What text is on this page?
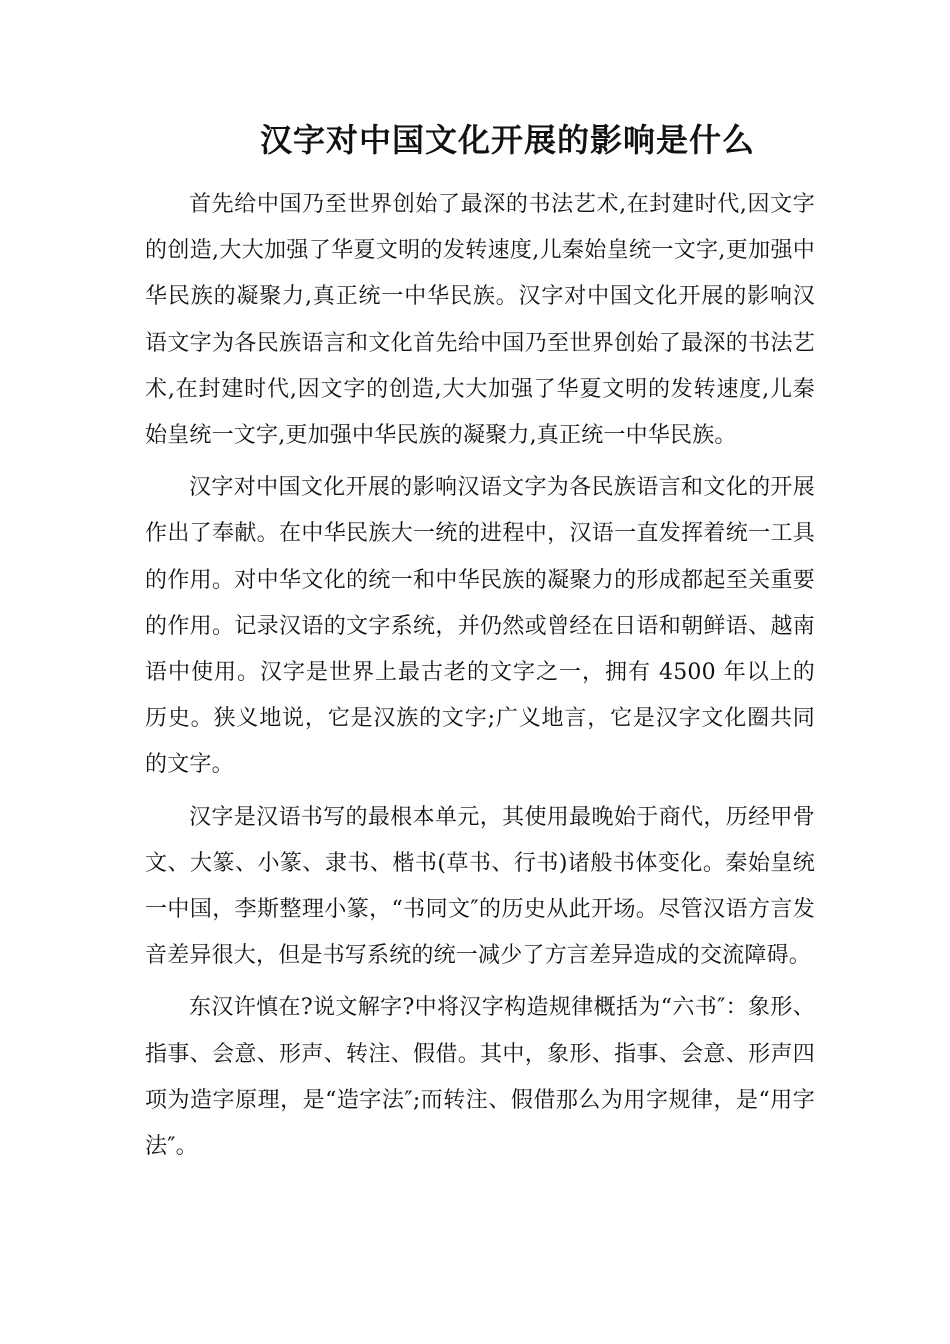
汉字对中国文化开展的影响是什么

首先给中国乃至世界创始了最深的书法艺术,在封建时代,因文字的创造,大大加强了华夏文明的发转速度,儿秦始皇统一文字,更加强中华民族的凝聚力,真正统一中华民族。汉字对中国文化开展的影响汉语文字为各民族语言和文化首先给中国乃至世界创始了最深的书法艺术,在封建时代,因文字的创造,大大加强了华夏文明的发转速度,儿秦始皇统一文字,更加强中华民族的凝聚力,真正统一中华民族。

汉字对中国文化开展的影响汉语文字为各民族语言和文化的开展作出了奉献。在中华民族大一统的进程中，汉语一直发挥着统一工具的作用。对中华文化的统一和中华民族的凝聚力的形成都起至关重要的作用。记录汉语的文字系统，并仍然或曾经在日语和朝鲜语、越南语中使用。汉字是世界上最古老的文字之一，拥有 4500 年以上的历史。狭义地说，它是汉族的文字;广义地言，它是汉字文化圈共同的文字。

汉字是汉语书写的最根本单元，其使用最晚始于商代，历经甲骨文、大篆、小篆、隶书、楷书(草书、行书)诸般书体变化。秦始皇统一中国，李斯整理小篆，“书同文″的历史从此开场。尽管汉语方言发音差异很大，但是书写系统的统一减少了方言差异造成的交流障碍。

东汉许慎在?说文解字?中将汉字构造规律概括为“六书″：象形、指事、会意、形声、转注、假借。其中，象形、指事、会意、形声四项为造字原理，是“造字法″;而转注、假借那么为用字规律，是“用字法″。
